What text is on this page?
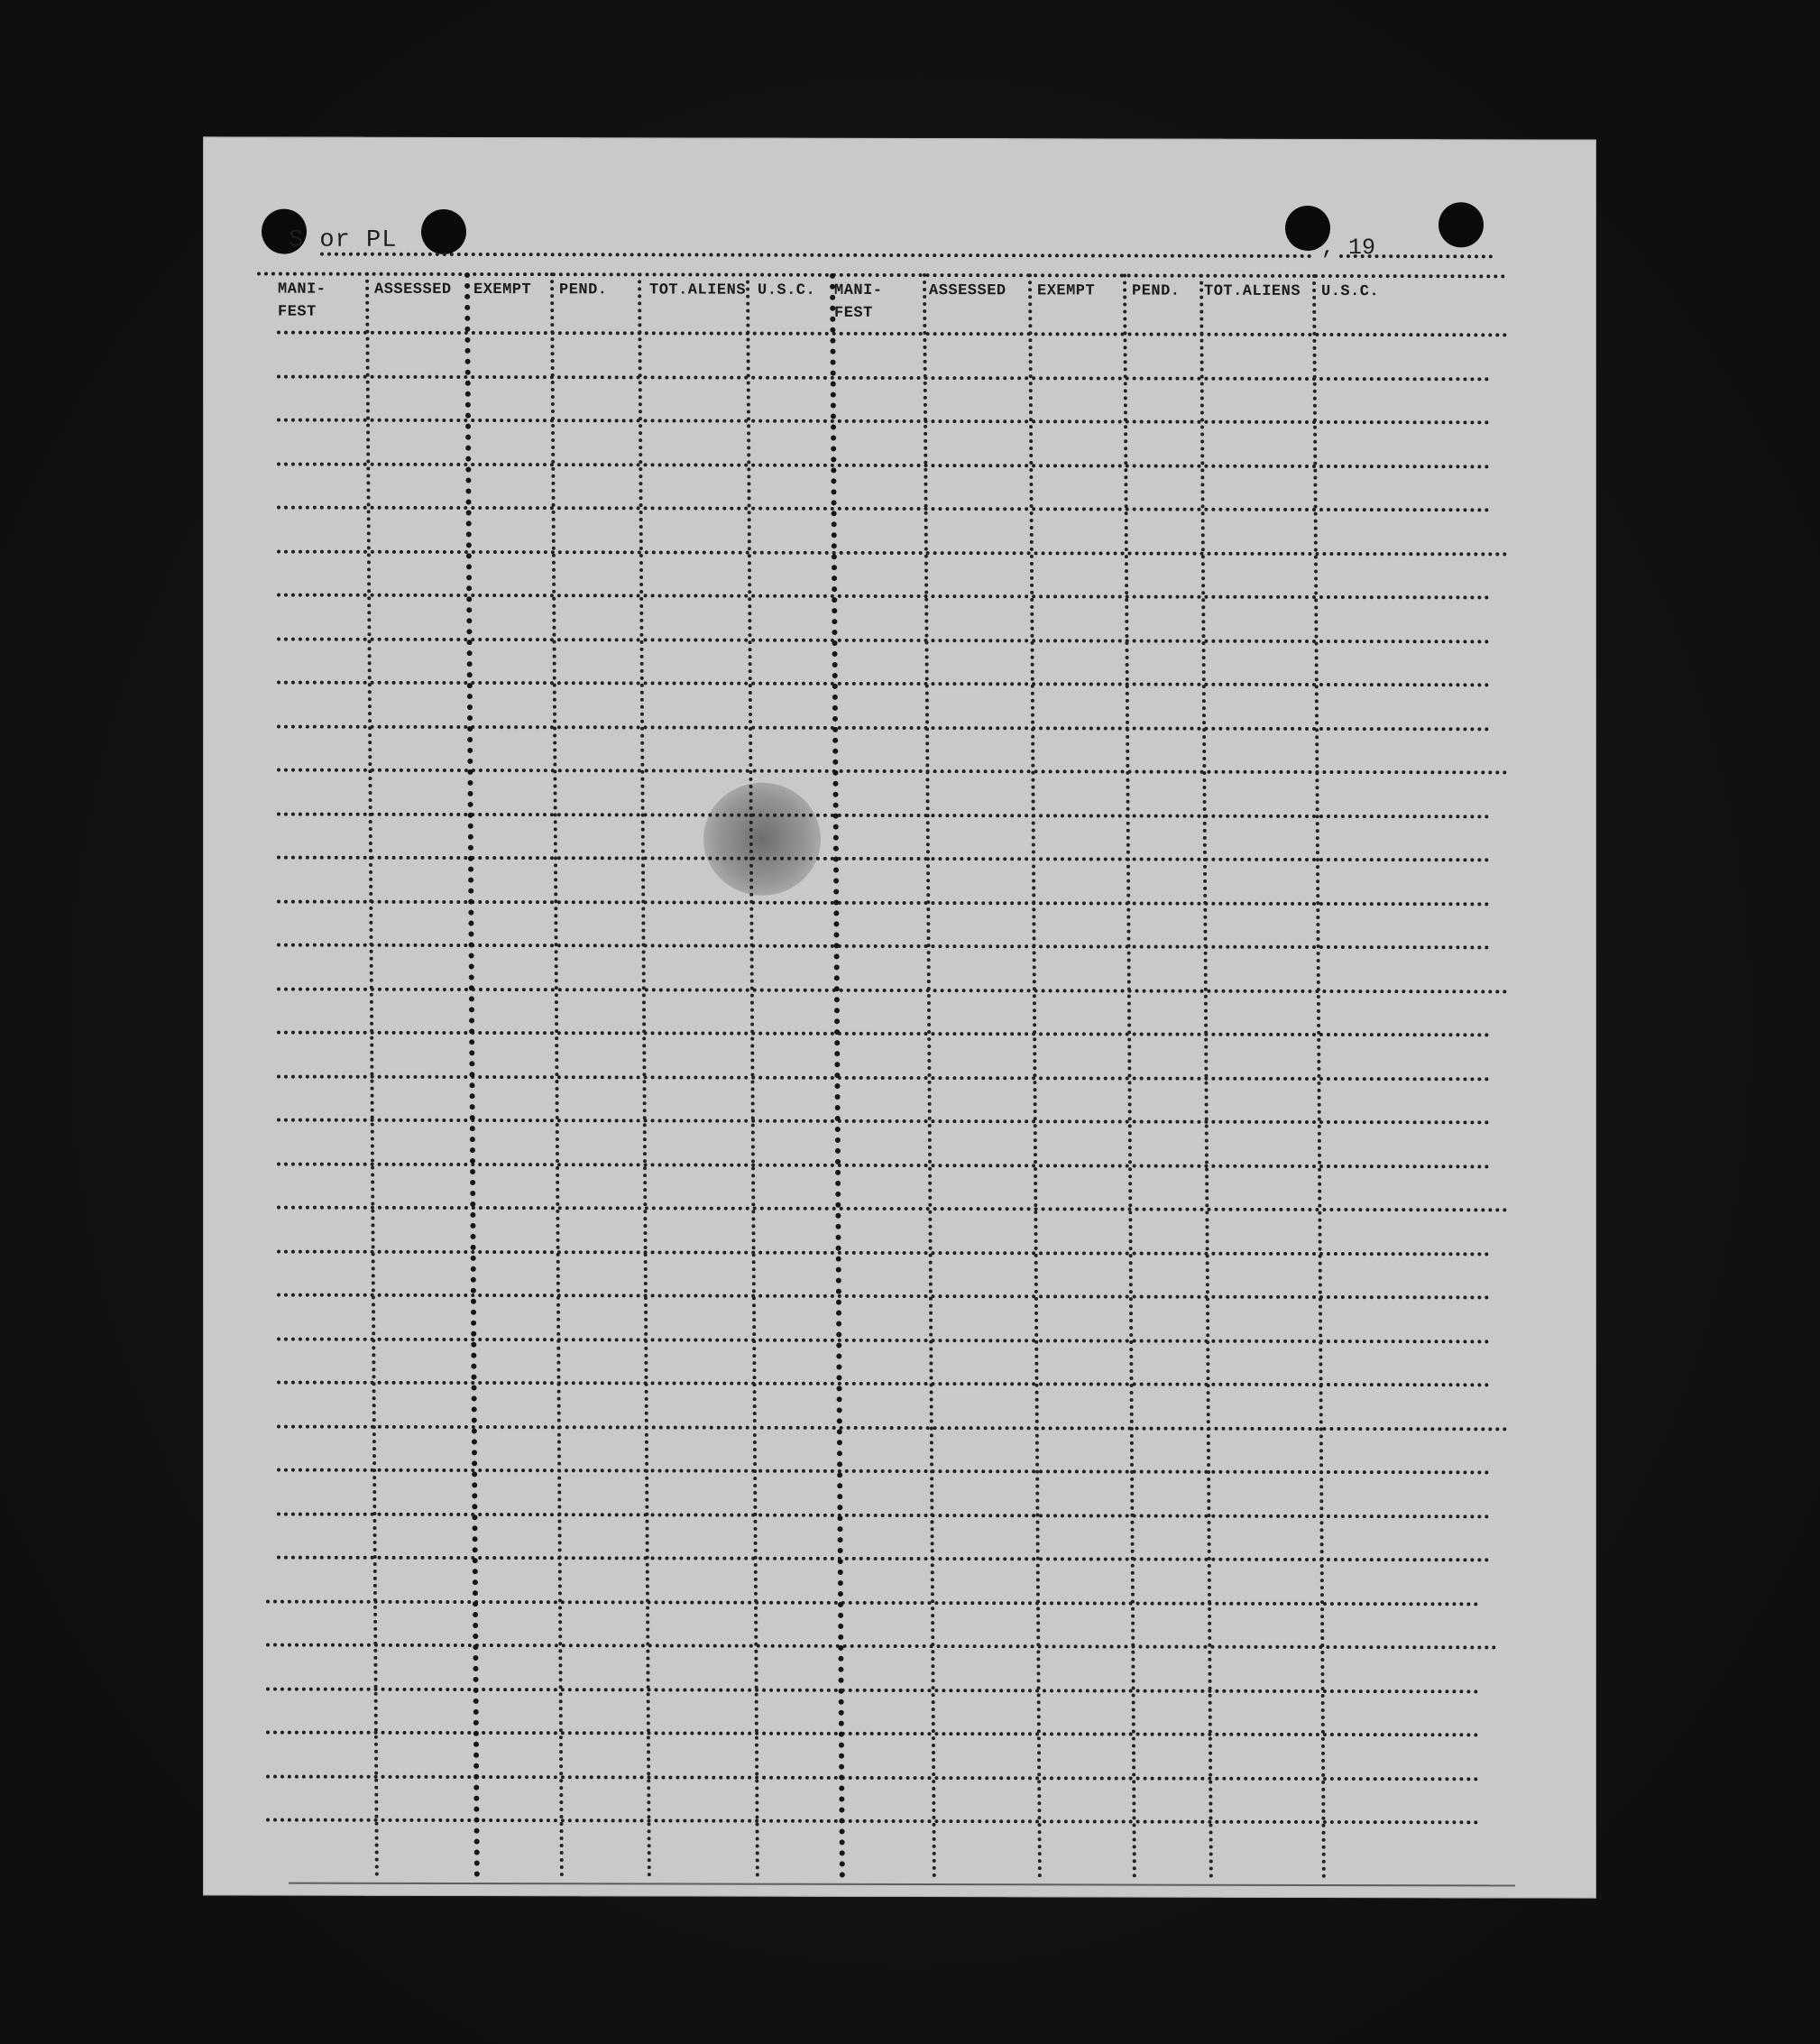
S or PL	, 19
MANI-
FEST
ASSESSED EXEMPT PEND.	TOT.ALIENS U.S.C. MANI-
FEST
ASSESSED EXEMPT PEND. TOT.ALIENS U.S.C.
